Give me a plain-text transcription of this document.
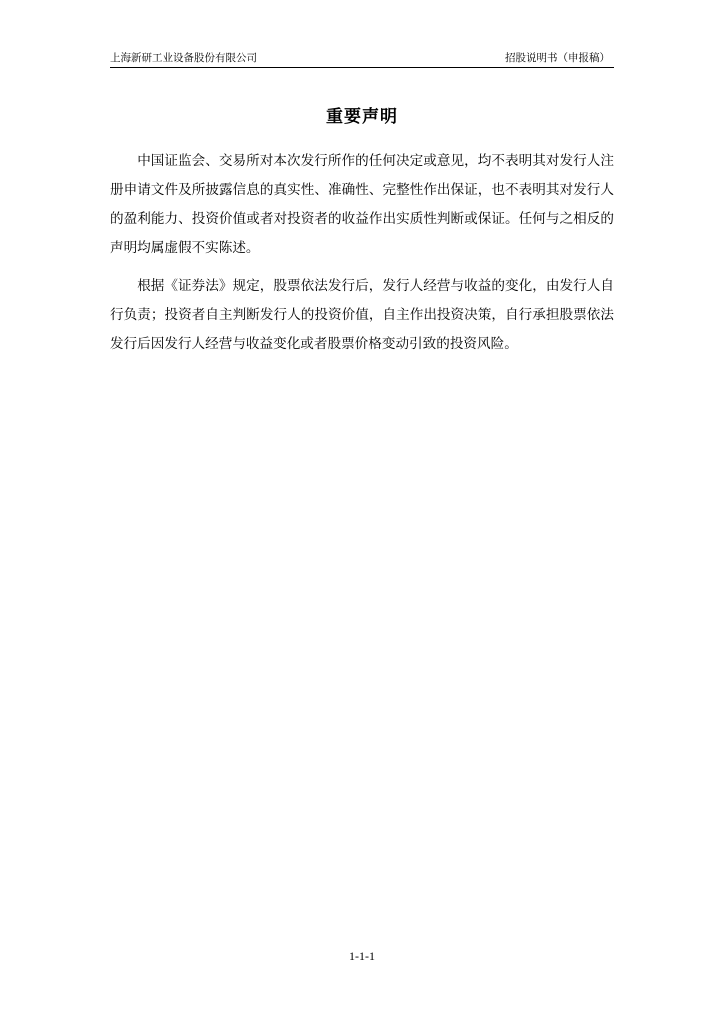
上海新研工业设备股份有限公司	招股说明书（申报稿）
重要声明

中国证监会、交易所对本次发行所作的任何决定或意见，均不表明其对发行人注册申请文件及所披露信息的真实性、准确性、完整性作出保证，也不表明其对发行人的盈利能力、投资价值或者对投资者的收益作出实质性判断或保证。任何与之相反的声明均属虚假不实陈述。

根据《证券法》规定，股票依法发行后，发行人经营与收益的变化，由发行人自行负责；投资者自主判断发行人的投资价值，自主作出投资决策，自行承担股票依法发行后因发行人经营与收益变化或者股票价格变动引致的投资风险。

1-1-1
